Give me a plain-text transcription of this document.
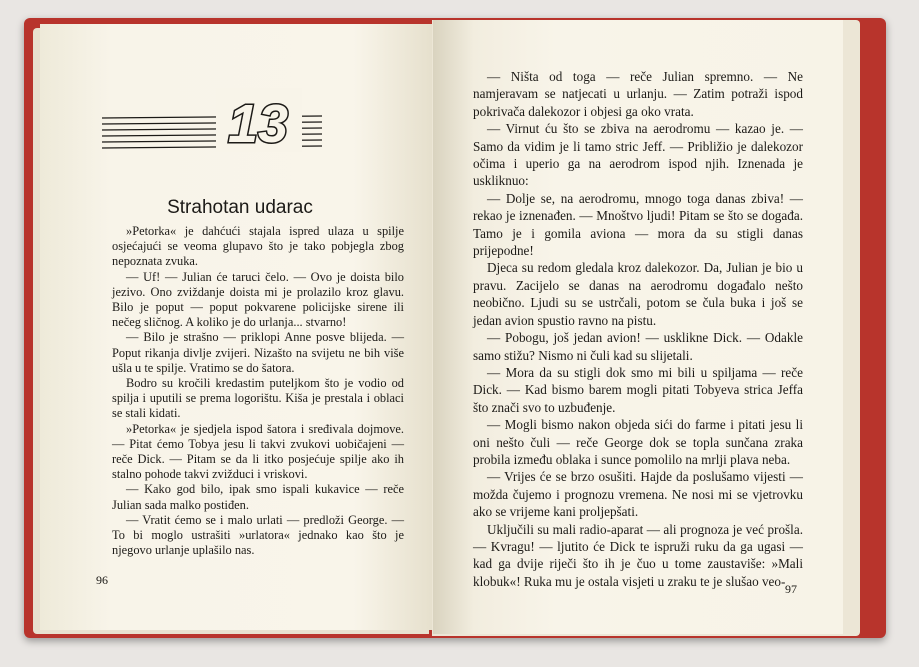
13
Strahotan udarac

»Petorka« je dahćući stajala ispred ulaza u spilje osjećajući se veoma glupavo što je tako pobjegla zbog nepoznata zvuka.

— Uf! — Julian će taruci čelo. — Ovo je doista bilo jezivo. Ono zviždanje doista mi je prolazilo kroz glavu. Bilo je poput — poput pokvarene policijske sirene ili nečeg sličnog. A koliko je do urlanja... stvarno!

— Bilo je strašno — priklopi Anne posve blijeda. — Poput rikanja divlje zvijeri. Nizašto na svijetu ne bih više ušla u te spilje. Vratimo se do šatora.

Bodro su kročili kredastim puteljkom što je vodio od spilja i uputili se prema logorištu. Kiša je prestala i oblaci se stali kidati.

»Petorka« je sjedjela ispod šatora i sređivala dojmove. — Pitat ćemo Tobya jesu li takvi zvukovi uobičajeni — reče Dick. — Pitam se da li itko posjećuje spilje ako ih stalno pohode takvi zvižduci i vriskovi.

— Kako god bilo, ipak smo ispali kukavice — reče Julian sada malko postiđen.

— Vratit ćemo se i malo urlati — predloži George. — To bi moglo ustrašiti »urlatora« jednako kao što je njegovo urlanje uplašilo nas.

96

— Ništa od toga — reče Julian spremno. — Ne namjeravam se natjecati u urlanju. — Zatim potraži ispod pokrivača dalekozor i objesi ga oko vrata.

— Virnut ću što se zbiva na aerodromu — kazao je. — Samo da vidim je li tamo stric Jeff. — Približio je dalekozor očima i uperio ga na aerodrom ispod njih. Iznenada je uskliknuo:

— Dolje se, na aerodromu, mnogo toga danas zbiva! — rekao je iznenađen. — Mnoštvo ljudi! Pitam se što se događa. Tamo je i gomila aviona — mora da su stigli danas prijepodne!

Djeca su redom gledala kroz dalekozor. Da, Julian je bio u pravu. Zacijelo se danas na aerodromu događalo nešto neobično. Ljudi su se ustrčali, potom se čula buka i još se jedan avion spustio ravno na pistu.

— Pobogu, još jedan avion! — usklikne Dick. — Odakle samo stižu? Nismo ni čuli kad su slijetali.

— Mora da su stigli dok smo mi bili u spiljama — reče Dick. — Kad bismo barem mogli pitati Tobyeva strica Jeffa što znači svo to uzbuđenje.

— Mogli bismo nakon objeda sići do farme i pitati jesu li oni nešto čuli — reče George dok se topla sunčana zraka probila između oblaka i sunce pomolilo na mrlji plava neba.

— Vrijes će se brzo osušiti. Hajde da poslušamo vijesti — možda čujemo i prognozu vremena. Ne nosi mi se vjetrovku ako se vrijeme kani proljepšati.

Uključili su mali radio-aparat — ali prognoza je već prošla. — Kvragu! — ljutito će Dick te ispruži ruku da ga ugasi — kad ga dvije riječi što ih je čuo u tome zaustaviše: »Mali klobuk«! Ruka mu je ostala visjeti u zraku te je slušao veo- 97
